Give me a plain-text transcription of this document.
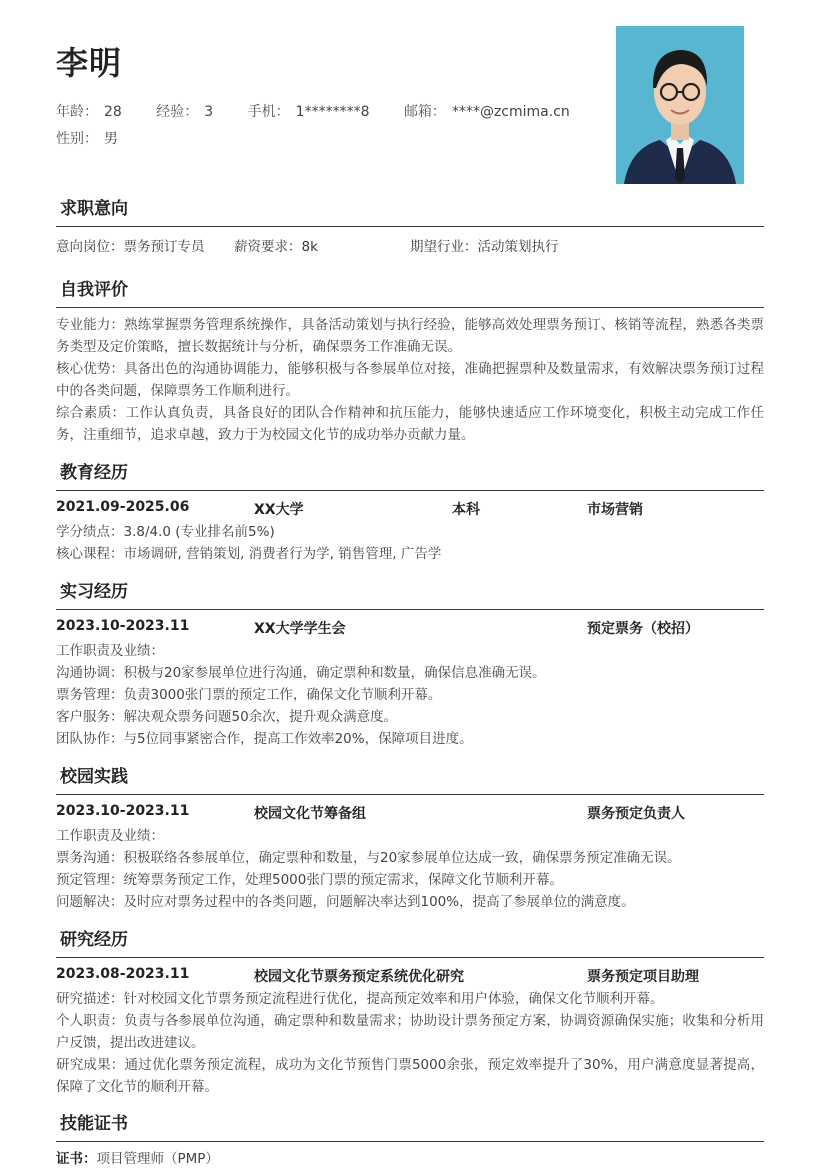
李明
年龄： 28 经验： 3 手机： 1********8 邮箱： ****@zcmima.cn
性别： 男
求职意向
意向岗位：票务预订专员 薪资要求：8k	期望行业：活动策划执行
自我评价

专业能力：熟练掌握票务管理系统操作，具备活动策划与执行经验，能够高效处理票务预订、核销等流程，熟悉各类票务类型及定价策略，擅长数据统计与分析，确保票务工作准确无误。

核心优势：具备出色的沟通协调能力，能够积极与各参展单位对接，准确把握票种及数量需求，有效解决票务预订过程中的各类问题，保障票务工作顺利进行。

综合素质：工作认真负责，具备良好的团队合作精神和抗压能力，能够快速适应工作环境变化，积极主动完成工作任务，注重细节，追求卓越，致力于为校园文化节的成功举办贡献力量。

教育经历
2021.09-2025.06	XX大学	本科	市场营销
学分绩点：3.8/4.0 (专业排名前5%)
核心课程：市场调研, 营销策划, 消费者行为学, 销售管理, 广告学
实习经历
2023.10-2023.11	XX大学学生会	预定票务（校招）
工作职责及业绩：
沟通协调：积极与20家参展单位进行沟通，确定票种和数量，确保信息准确无误。
票务管理：负责3000张门票的预定工作，确保文化节顺利开幕。
客户服务：解决观众票务问题50余次，提升观众满意度。
团队协作：与5位同事紧密合作，提高工作效率20%，保障项目进度。
校园实践
2023.10-2023.11	校园文化节筹备组	票务预定负责人
工作职责及业绩：
票务沟通：积极联络各参展单位，确定票种和数量，与20家参展单位达成一致，确保票务预定准确无误。
预定管理：统筹票务预定工作，处理5000张门票的预定需求，保障文化节顺利开幕。
问题解决：及时应对票务过程中的各类问题，问题解决率达到100%，提高了参展单位的满意度。
研究经历
2023.08-2023.11	校园文化节票务预定系统优化研究	票务预定项目助理

研究描述：针对校园文化节票务预定流程进行优化，提高预定效率和用户体验，确保文化节顺利开幕。

个人职责：负责与各参展单位沟通，确定票种和数量需求；协助设计票务预定方案，协调资源确保实施；收集和分析用户反馈，提出改进建议。

研究成果：通过优化票务预定流程，成功为文化节预售门票5000余张，预定效率提升了30%，用户满意度显著提高，保障了文化节的顺利开幕。

技能证书
证书：项目管理师（PMP）
